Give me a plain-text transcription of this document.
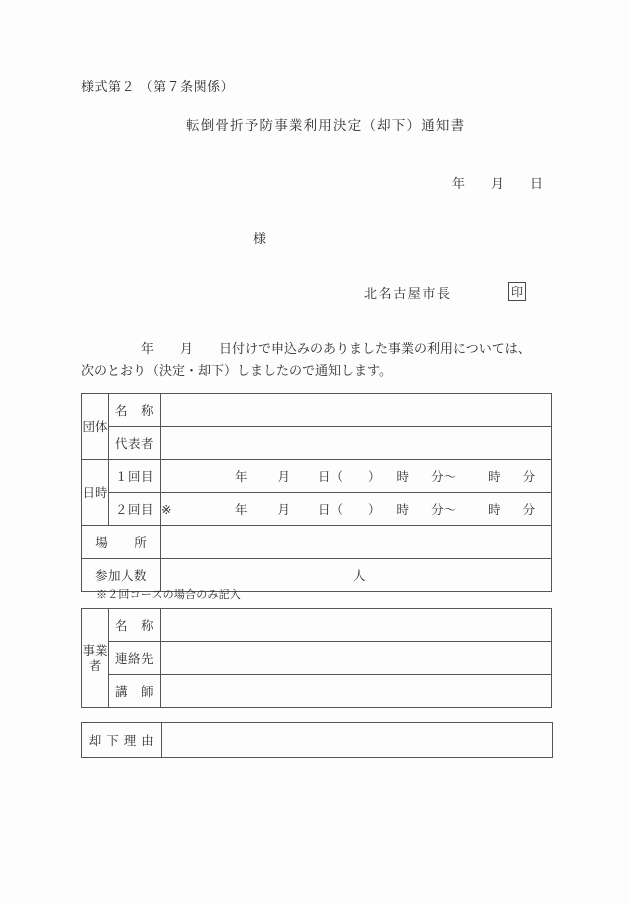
様式第２ （第７条関係）
転倒骨折予防事業利用決定（却下）通知書
年 月 日
様
北名古屋市長	印
年 月 日付けで申込みのありました事業の利用については、
次のとおり（決定・却下）しましたので通知します。
団体	名　称	
	代表者	
日時	１回目	年 月 日（　　） 時 分～ 時 分
	２回目	※ 年 月 日（　　） 時 分～ 時 分
場　所		
参加人数		人
※２回コースの場合のみ記入
事業者	名　称	
	連絡先	
	講　師	
却 下 理 由	
